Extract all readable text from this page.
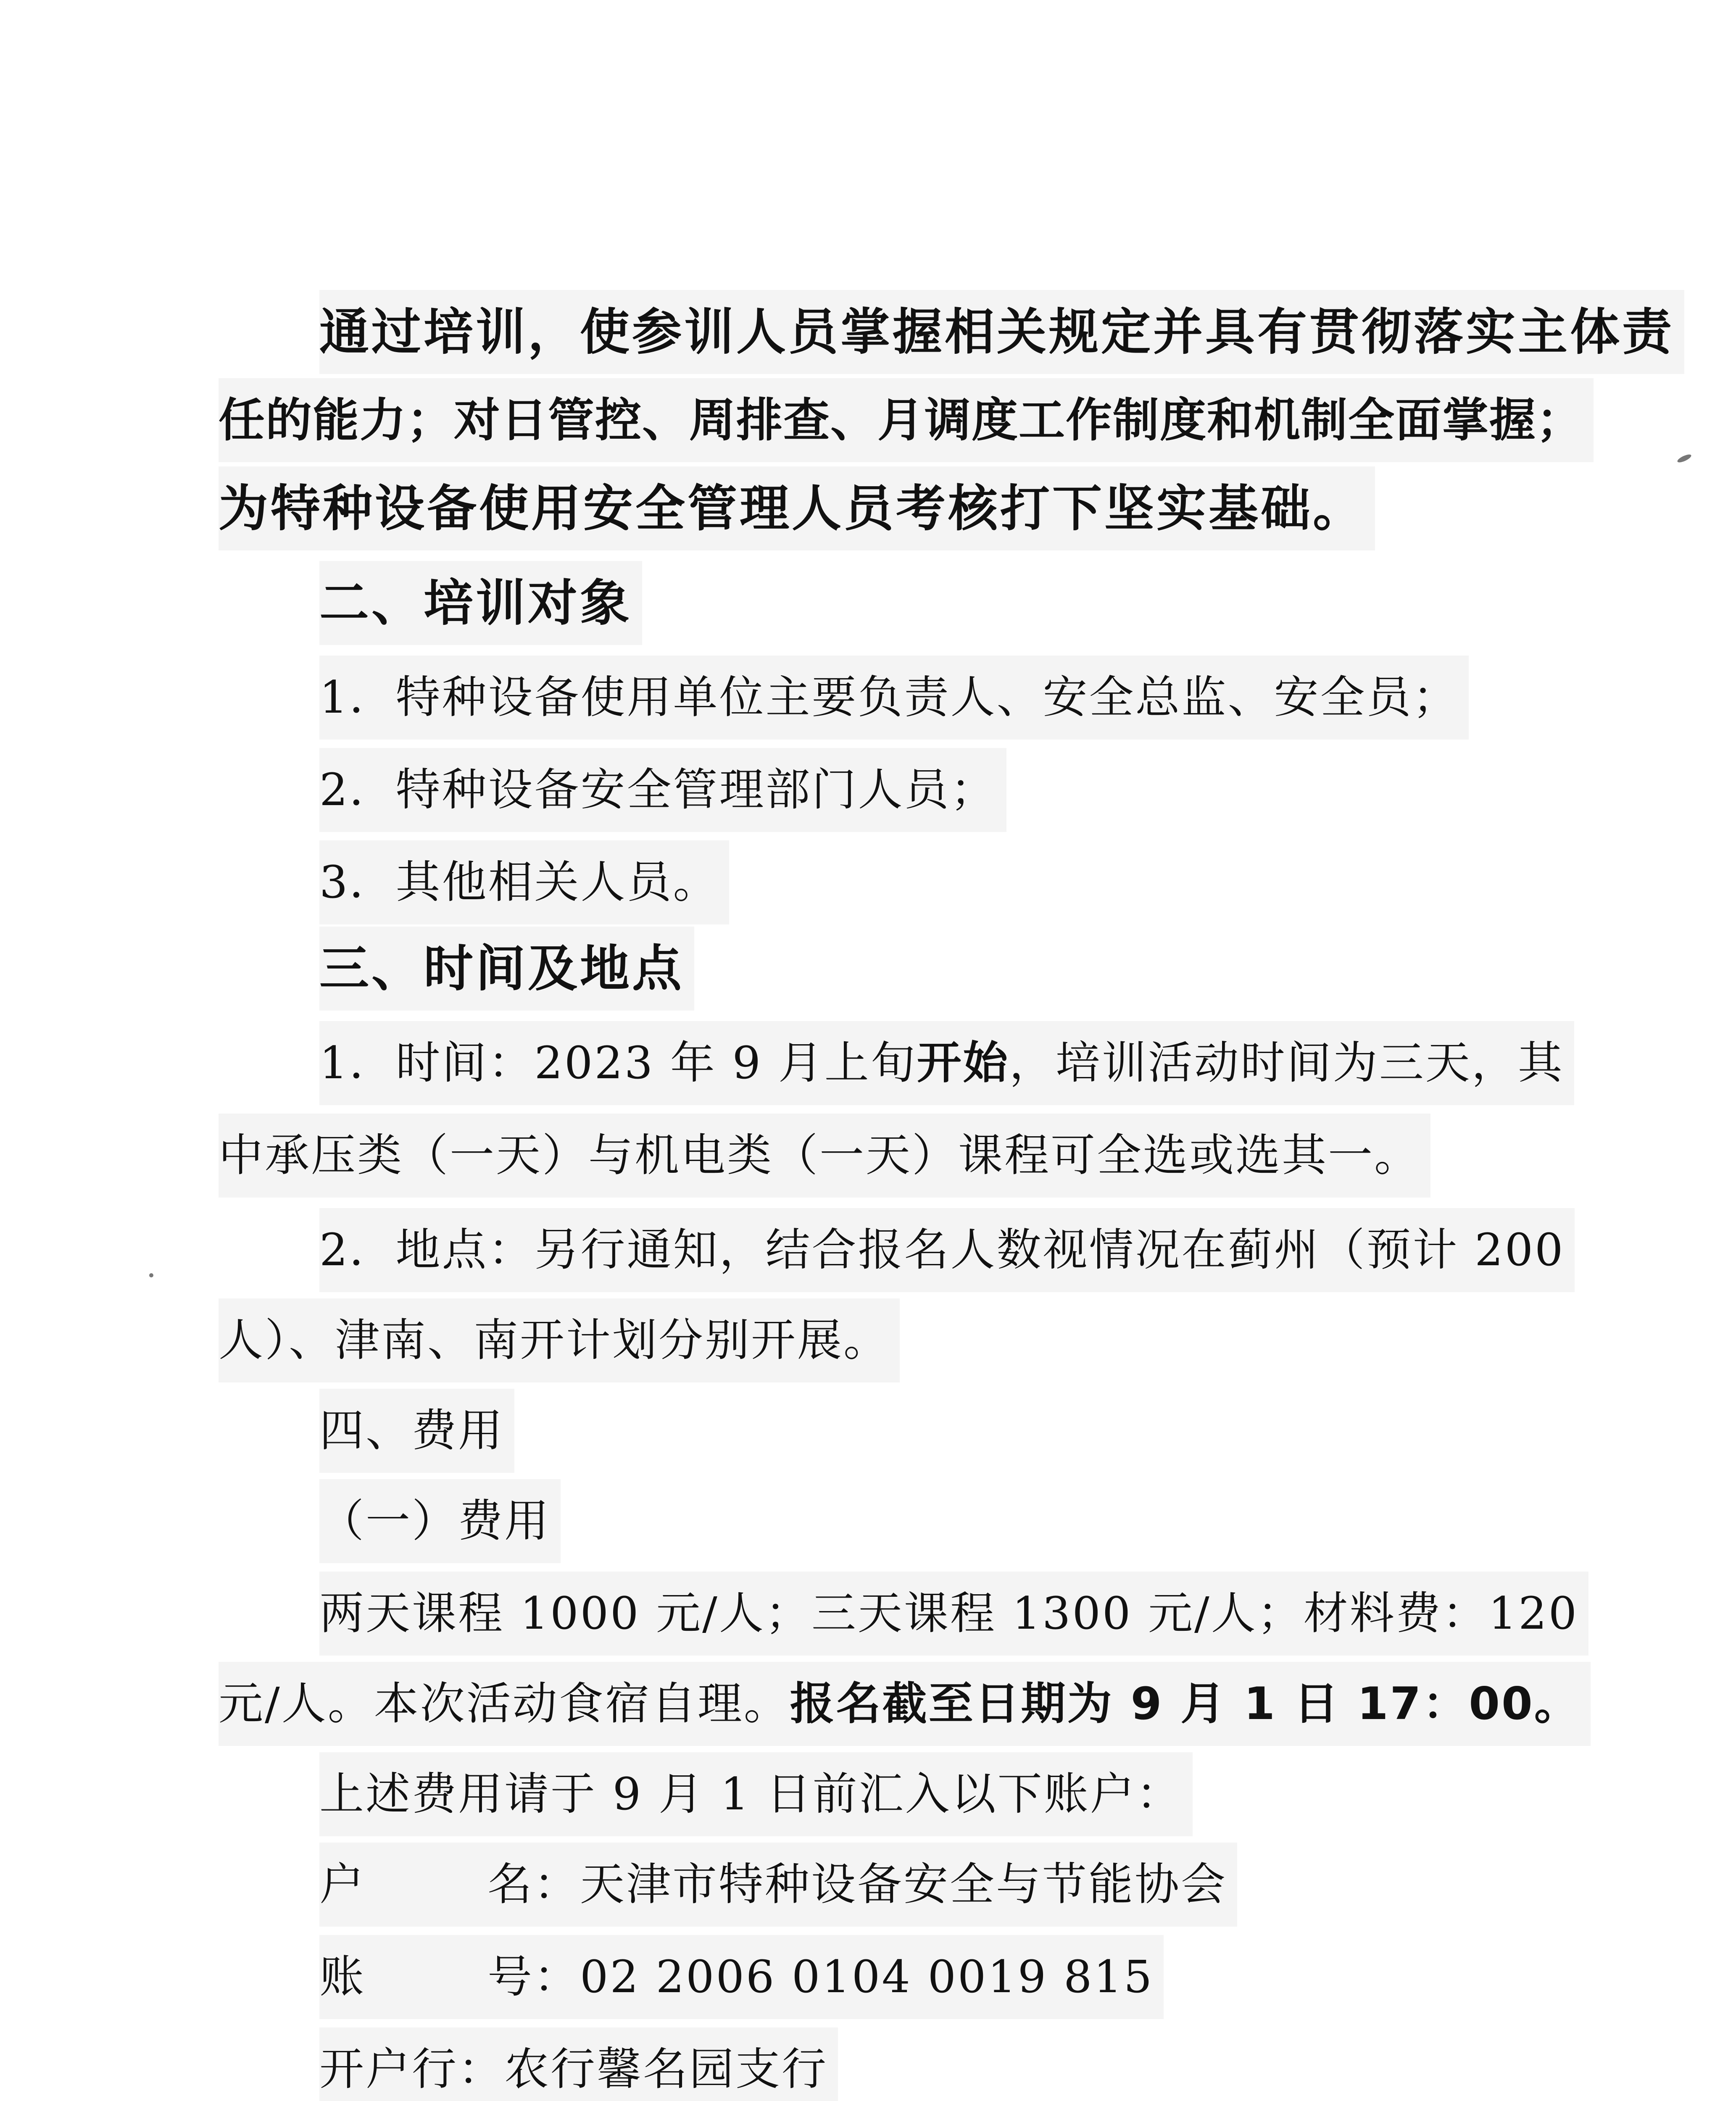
通过培训，使参训人员掌握相关规定并具有贯彻落实主体责
任的能力；对日管控、周排查、月调度工作制度和机制全面掌握；
为特种设备使用安全管理人员考核打下坚实基础。
二、培训对象
1．特种设备使用单位主要负责人、安全总监、安全员；
2．特种设备安全管理部门人员；
3．其他相关人员。
三、时间及地点
1．时间：2023 年 9 月上旬开始，培训活动时间为三天，其
中承压类（一天）与机电类（一天）课程可全选或选其一。
2．地点：另行通知，结合报名人数视情况在蓟州（预计 200
人）、津南、南开计划分别开展。
四、费用
（一）费用
两天课程 1000 元/人；三天课程 1300 元/人；材料费：120
元/人。本次活动食宿自理。报名截至日期为 9 月 1 日 17：00。
上述费用请于 9 月 1 日前汇入以下账户：
户	名：天津市特种设备安全与节能协会
账	号：02 2006 0104 0019 815
开户行：农行馨名园支行
